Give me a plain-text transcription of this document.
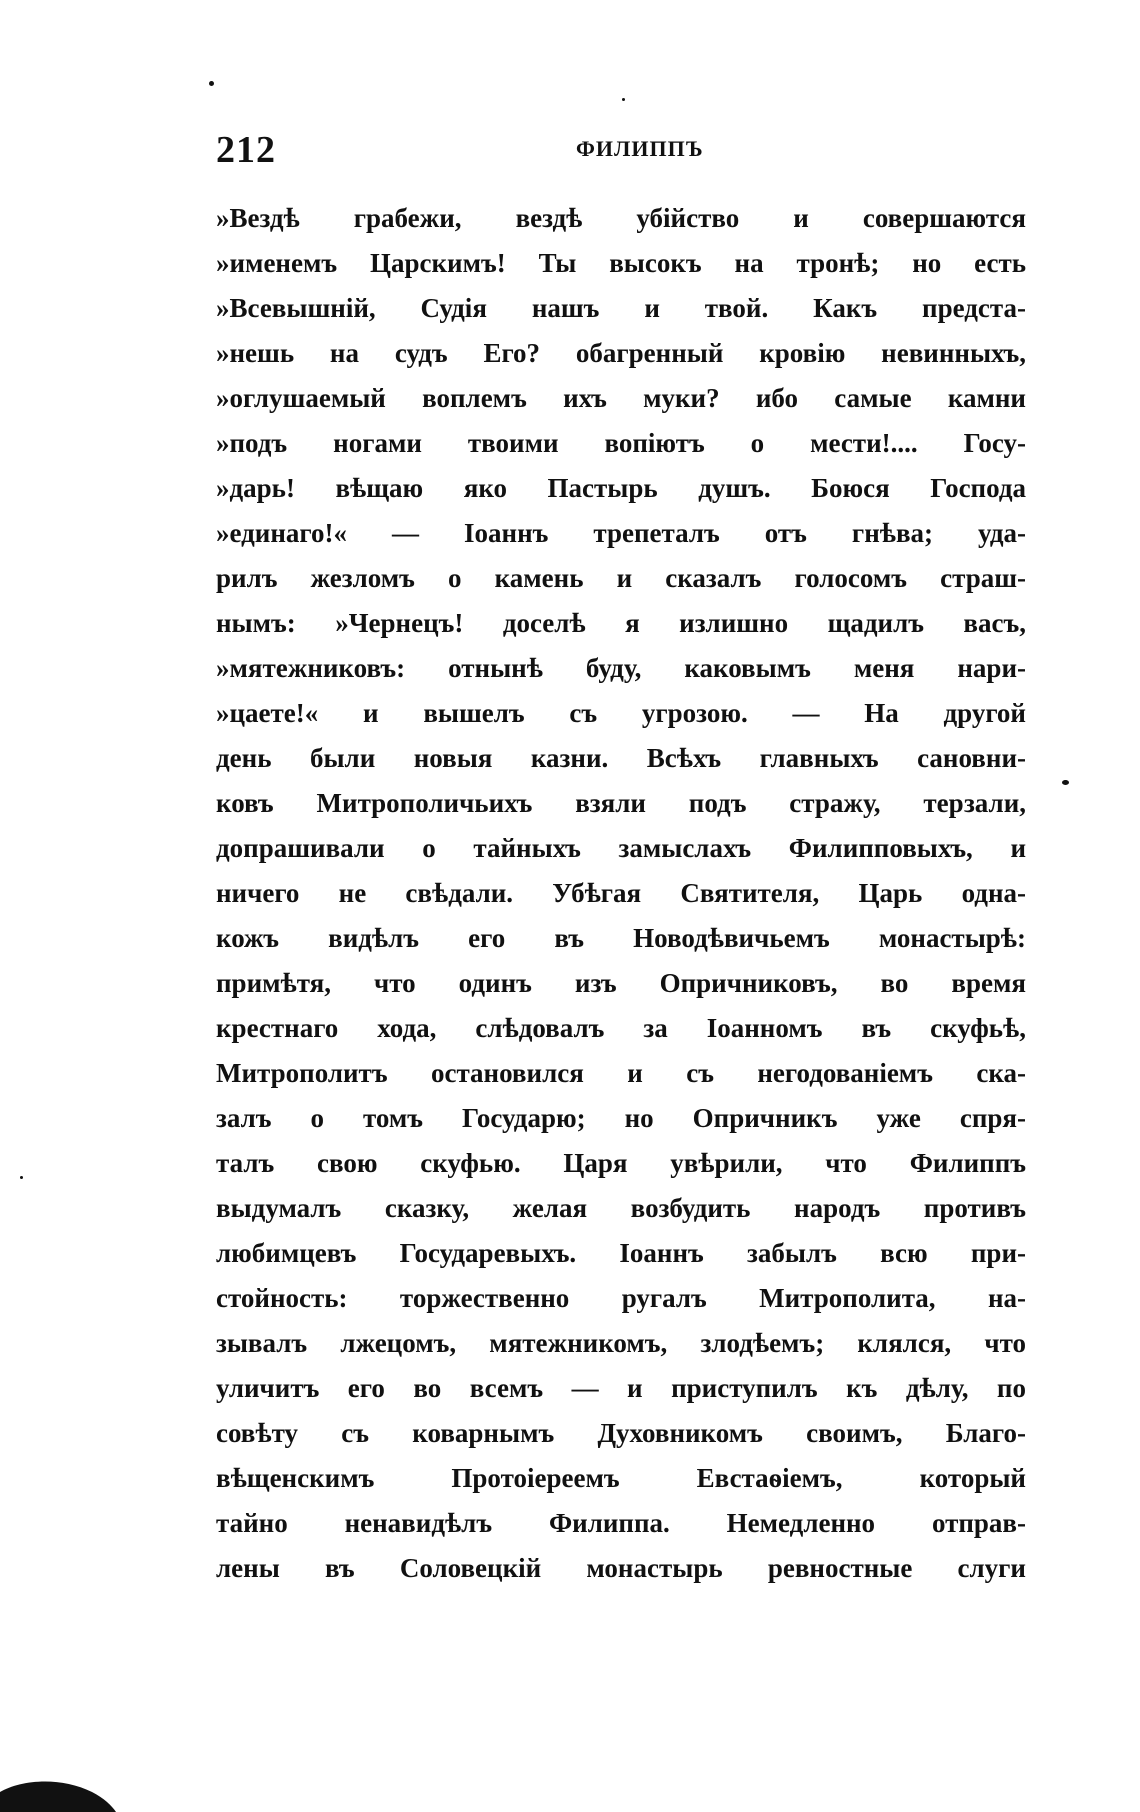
212	ФИЛИППЪ
»Вездѣ грабежи, вездѣ убійство и совершаются
»именемъ Царскимъ! Ты высокъ на тронѣ; но есть
»Всевышній, Судія нашъ и твой. Какъ предста-
»нешь на судъ Его? обагренный кровію невинныхъ,
»оглушаемый воплемъ ихъ муки? ибо самые камни
»подъ ногами твоими вопіютъ о мести!.... Госу-
»дарь! вѣщаю яко Пастырь душъ. Боюся Господа
»единаго!« — Іоаннъ трепеталъ отъ гнѣва; уда-
рилъ жезломъ о камень и сказалъ голосомъ страш-
нымъ: »Чернецъ! доселѣ я излишно щадилъ васъ,
»мятежниковъ: отнынѣ буду, каковымъ меня нари-
»цаете!« и вышелъ съ угрозою. — На другой
день были новыя казни. Всѣхъ главныхъ сановни-
ковъ Митрополичьихъ взяли подъ стражу, терзали,
допрашивали о тайныхъ замыслахъ Филипповыхъ, и
ничего не свѣдали. Убѣгая Святителя, Царь одна-
кожъ видѣлъ его въ Новодѣвичьемъ монастырѣ:
примѣтя, что одинъ изъ Опричниковъ, во время
крестнаго хода, слѣдовалъ за Іоанномъ въ скуфьѣ,
Митрополитъ остановился и съ негодованіемъ ска-
залъ о томъ Государю; но Опричникъ уже спря-
талъ свою скуфью. Царя увѣрили, что Филиппъ
выдумалъ сказку, желая возбудить народъ противъ
любимцевъ Государевыхъ. Іоаннъ забылъ всю при-
стойность: торжественно ругалъ Митрополита, на-
зывалъ лжецомъ, мятежникомъ, злодѣемъ; клялся, что
уличитъ его во всемъ — и приступилъ къ дѣлу, по
совѣту съ коварнымъ Духовникомъ своимъ, Благо-
вѣщенскимъ Протоіереемъ Евстаѳіемъ, который
тайно ненавидѣлъ Филиппа. Немедленно отправ-
лены въ Соловецкій монастырь ревностные слуги
